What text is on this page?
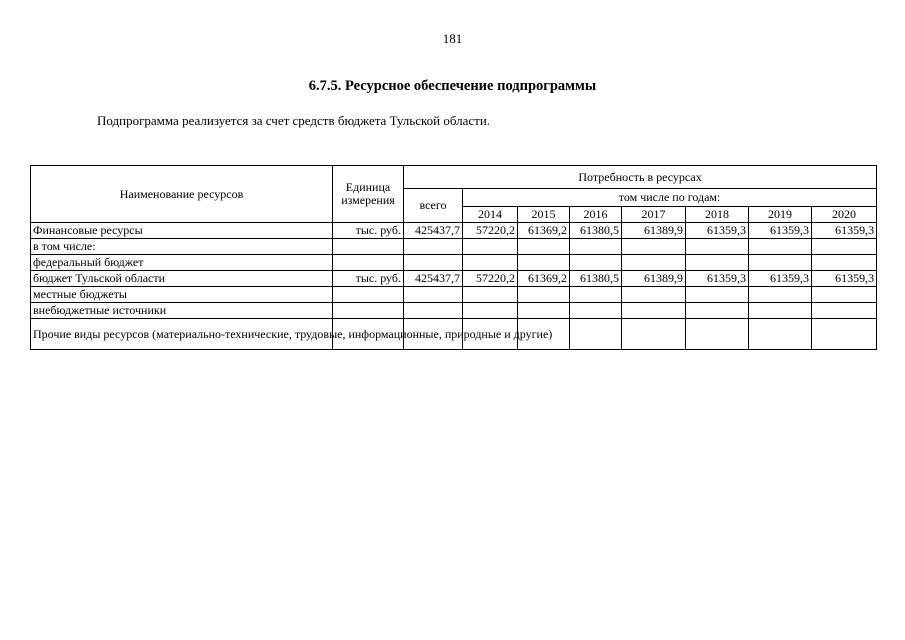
181
6.7.5. Ресурсное обеспечение подпрограммы
Подпрограмма реализуется за счет средств бюджета Тульской области.
Наименование ресурсов	Единица измерения	Потребность в ресурсах							
		всего	том числе по годам:						
			2014	2015	2016	2017	2018	2019	2020
Финансовые ресурсы	тыс. руб.	425437,7	57220,2	61369,2	61380,5	61389,9	61359,3	61359,3	61359,3
в том числе:									
федеральный бюджет									
бюджет Тульской области	тыс. руб.	425437,7	57220,2	61369,2	61380,5	61389,9	61359,3	61359,3	61359,3
местные бюджеты									
внебюджетные источники									
Прочие виды ресурсов (материально-технические, трудовые, информационные, природные и другие)									
